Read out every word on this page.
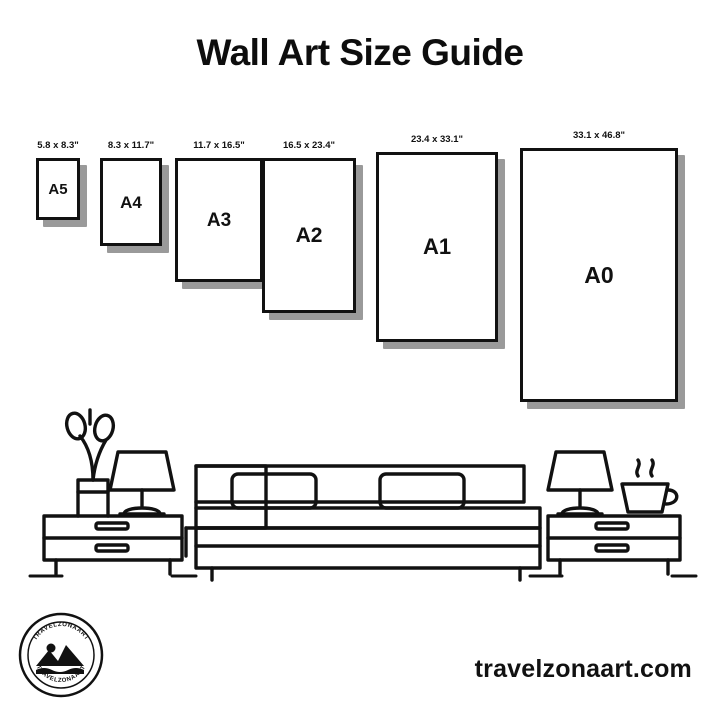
Wall Art Size Guide
5.8 x 8.3"
A5
8.3 x 11.7"
A4
11.7 x 16.5"
A3
16.5 x 23.4"
A2
23.4 x 33.1"
A1
33.1 x 46.8"
A0
travelzonaart.com
TRAVELZONAART
TRAVELZONAART
